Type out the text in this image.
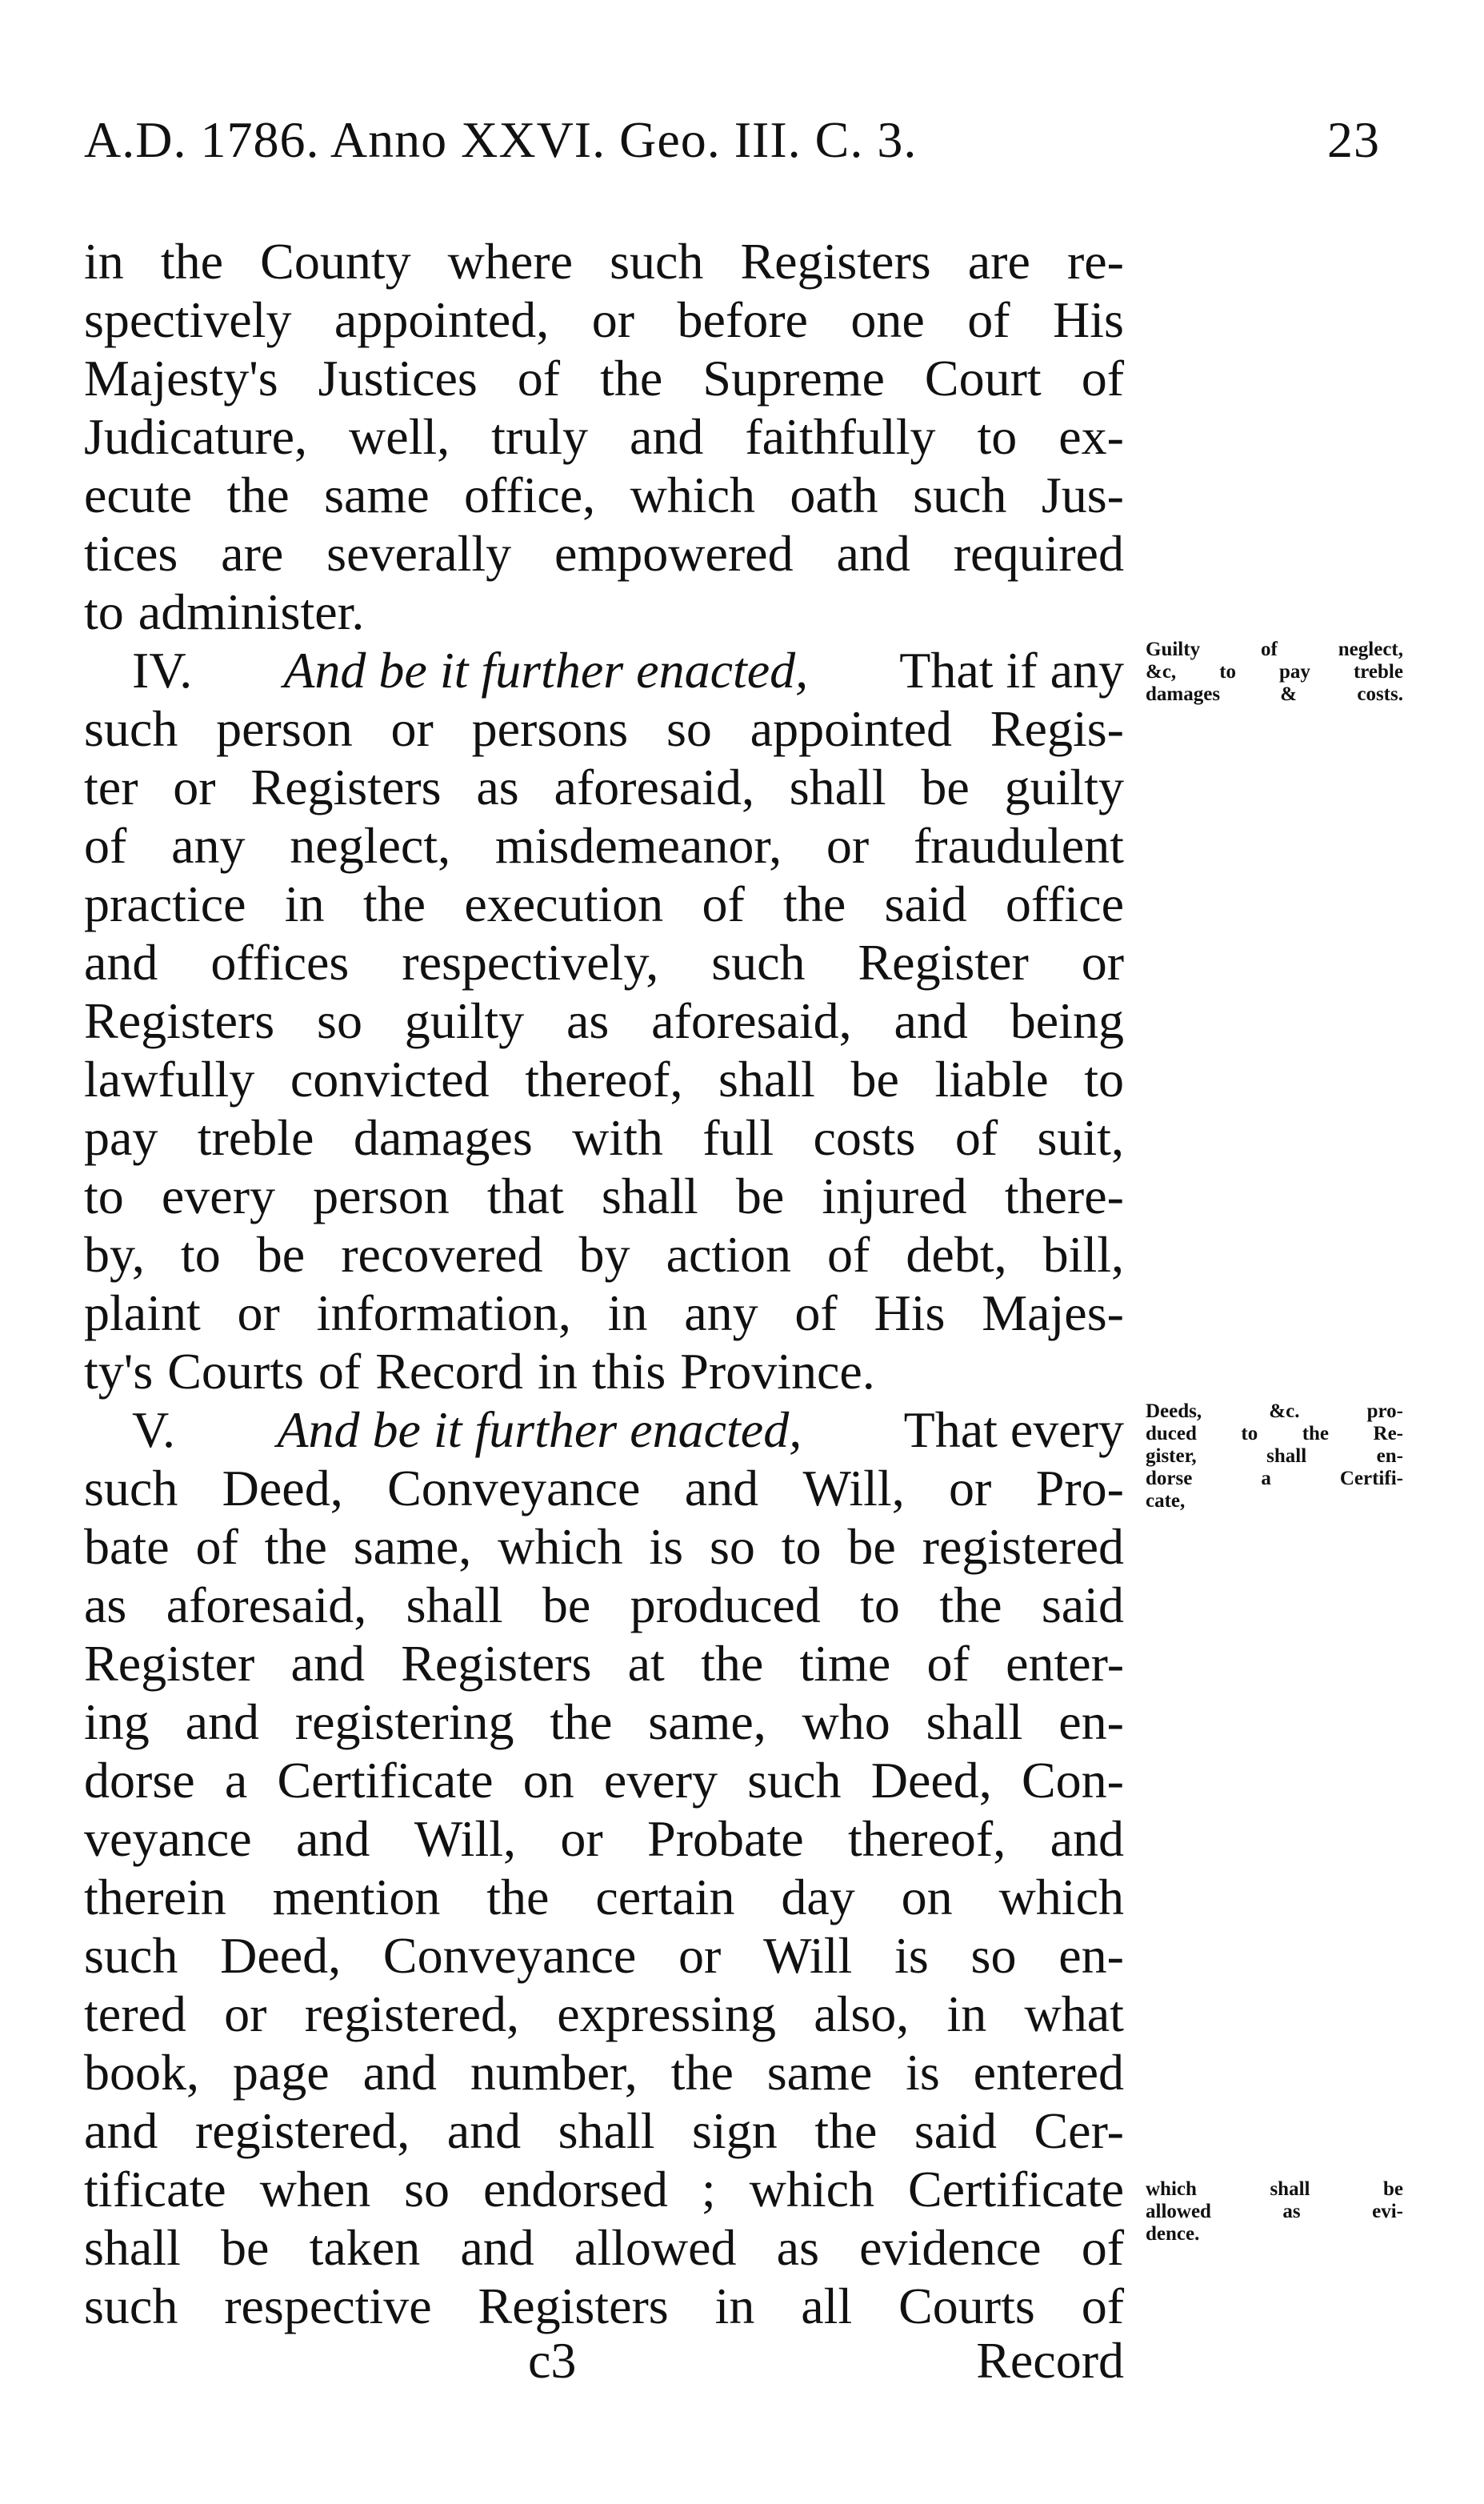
A.D. 1786. Anno XXVI. Geo. III. C. 3.	23
in the County where such Registers are re-
spectively appointed, or before one of His
Majesty's Justices of the Supreme Court of
Judicature, well, truly and faithfully to ex-
ecute the same office, which oath such Jus-
tices are severally empowered and required
to administer.
IV. And be it further enacted, That if any
such person or persons so appointed Regis-
ter or Registers as aforesaid, shall be guilty
of any neglect, misdemeanor, or fraudulent
practice in the execution of the said office
and offices respectively, such Register or
Registers so guilty as aforesaid, and being
lawfully convicted thereof, shall be liable to
pay treble damages with full costs of suit,
to every person that shall be injured there-
by, to be recovered by action of debt, bill,
plaint or information, in any of His Majes-
ty's Courts of Record in this Province.
V. And be it further enacted, That every
such Deed, Conveyance and Will, or Pro-
bate of the same, which is so to be registered
as aforesaid, shall be produced to the said
Register and Registers at the time of enter-
ing and registering the same, who shall en-
dorse a Certificate on every such Deed, Con-
veyance and Will, or Probate thereof, and
therein mention the certain day on which
such Deed, Conveyance or Will is so en-
tered or registered, expressing also, in what
book, page and number, the same is entered
and registered, and shall sign the said Cer-
tificate when so endorsed ; which Certificate
shall be taken and allowed as evidence of
such respective Registers in all Courts of
Guilty	of	neglect,
&c, to pay treble
damages	&	costs.
Deeds,	&c.	pro-
duced to the Re-
gister,	shall	en-
dorse	a	Certifi-
cate,
which	shall	be
allowed	as	evi-
dence.
c3	Record
